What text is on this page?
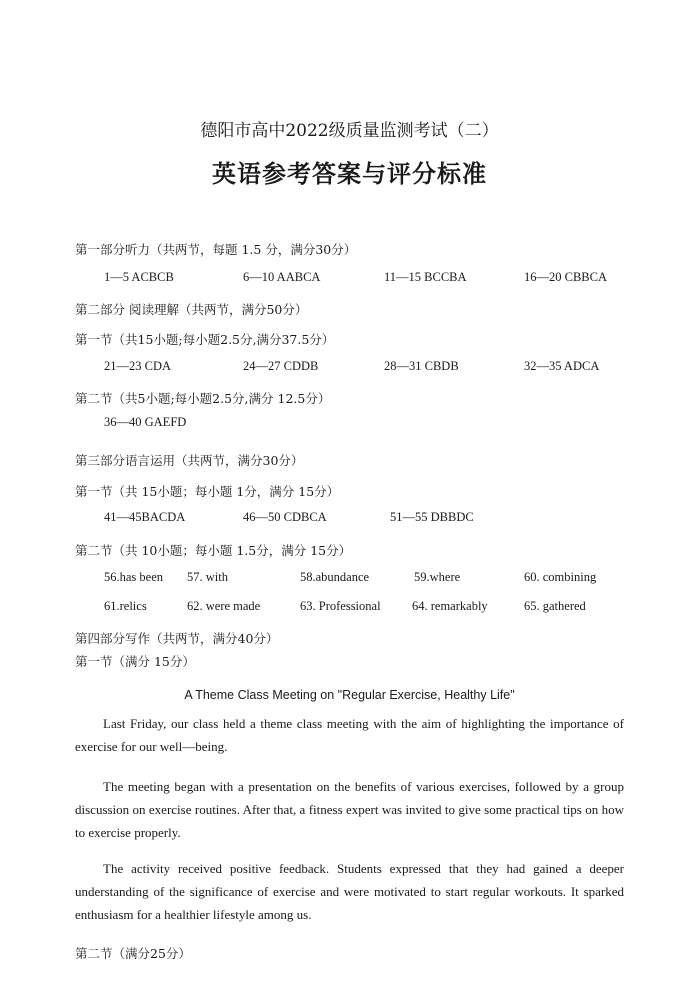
德阳市高中2022级质量监测考试（二）
英语参考答案与评分标准
第一部分听力（共两节，每题 1.5 分，满分30分）
1—5 ACBCB	6—10 AABCA	11—15 BCCBA	16—20 CBBCA
第二部分 阅读理解（共两节，满分50分）
第一节（共15小题;每小题2.5分,满分37.5分）
21—23 CDA	24—27 CDDB	28—31 CBDB	32—35 ADCA
第二节（共5小题;每小题2.5分,满分 12.5分）
36—40 GAEFD
第三部分语言运用（共两节，满分30分）
第一节（共 15小题；每小题 1分，满分 15分）
41—45BACDA	46—50 CDBCA	51—55 DBBDC
第二节（共 10小题；每小题 1.5分，满分 15分）
56.has been 57. with	58.abundance	59.where	60. combining
61.relics	62. were made	63. Professional	64. remarkably	65. gathered
第四部分写作（共两节，满分40分）
第一节（满分 15分）
A Theme Class Meeting on "Regular Exercise, Healthy Life"
Last Friday, our class held a theme class meeting with the aim of highlighting the importance of exercise for our well—being.
The meeting began with a presentation on the benefits of various exercises, followed by a group discussion on exercise routines. After that, a fitness expert was invited to give some practical tips on how to exercise properly.
The activity received positive feedback. Students expressed that they had gained a deeper understanding of the significance of exercise and were motivated to start regular workouts. It sparked enthusiasm for a healthier lifestyle among us.
第二节（满分25分）
